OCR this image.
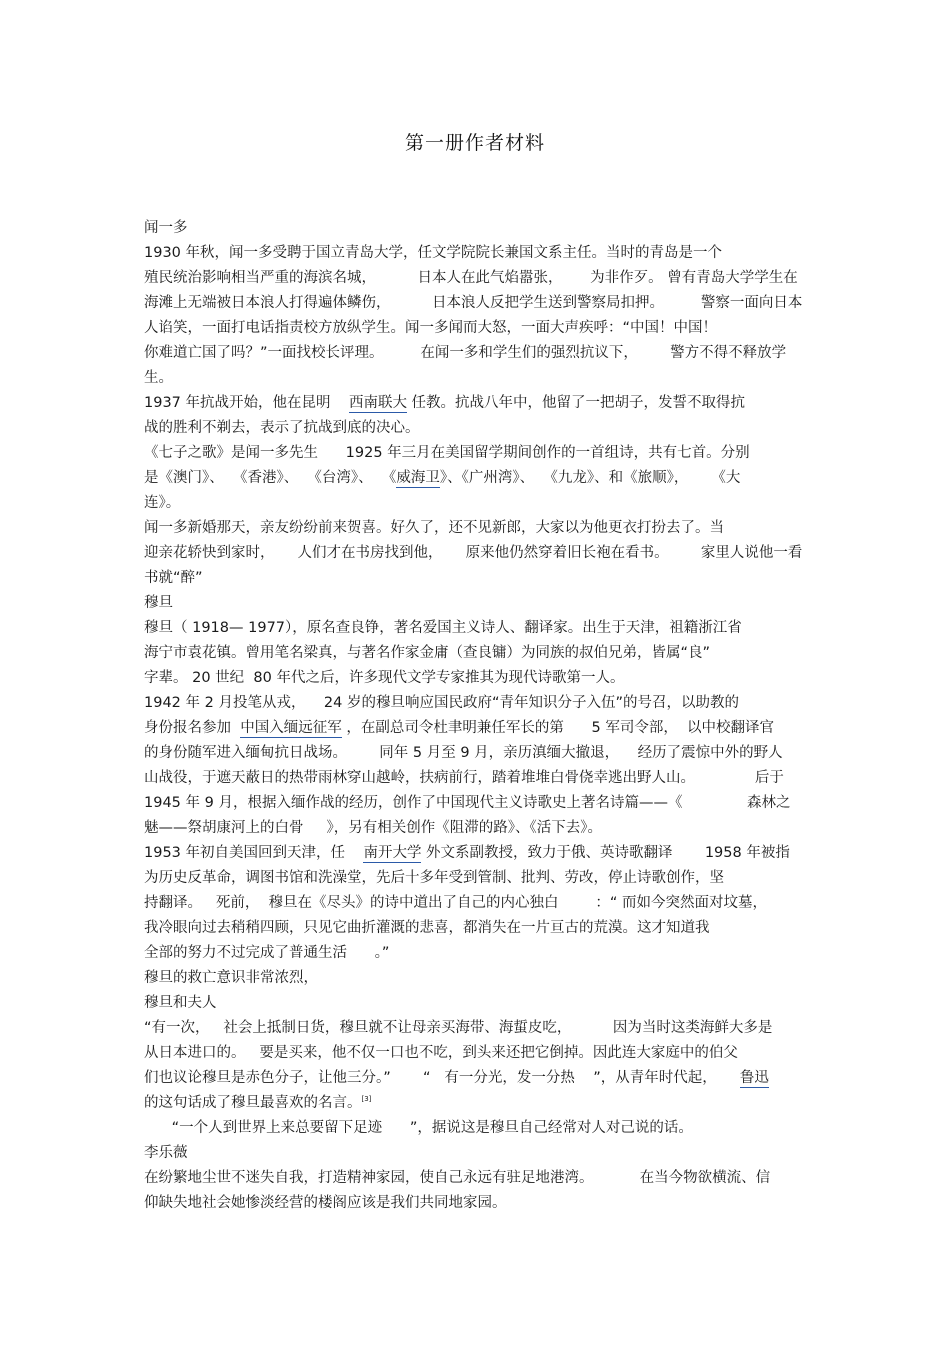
第一册作者材料
闻一多
1930 年秋，闻一多受聘于国立青岛大学，任文学院院长兼国文系主任。当时的青岛是一个
殖民统治影响相当严重的海滨名城，         日本人在此气焰嚣张，      为非作歹。 曾有青岛大学学生在
海滩上无端被日本浪人打得遍体鳞伤，         日本浪人反把学生送到警察局扣押。        警察一面向日本
人谄笑，一面打电话指责校方放纵学生。闻一多闻而大怒，一面大声疾呼：“中国！中国！
你难道亡国了吗？”一面找校长评理。        在闻一多和学生们的强烈抗议下，       警方不得不释放学
生。
1937 年抗战开始，他在昆明    西南联大 任教。抗战八年中，他留了一把胡子，发誓不取得抗
战的胜利不剃去，表示了抗战到底的决心。
《七子之歌》是闻一多先生      1925 年三月在美国留学期间创作的一首组诗，共有七首。分别
是《澳门》、  《香港》、  《台湾》、  《威海卫》、《广州湾》、  《九龙》、和《旅顺》，     《大
连》。
闻一多新婚那天，亲友纷纷前来贺喜。好久了，还不见新郎，大家以为他更衣打扮去了。当
迎亲花轿快到家时，     人们才在书房找到他，     原来他仍然穿着旧长袍在看书。       家里人说他一看
书就“醉”
穆旦
穆旦（ 1918— 1977），原名查良铮，著名爱国主义诗人、翻译家。出生于天津，祖籍浙江省
海宁市袁花镇。曾用笔名梁真，与著名作家金庸（查良镛）为同族的叔伯兄弟，皆属“良”
字辈。 20 世纪  80 年代之后，许多现代文学专家推其为现代诗歌第一人。
1942 年 2 月投笔从戎，    24 岁的穆旦响应国民政府“青年知识分子入伍”的号召，以助教的
身份报名参加  中国入缅远征军 ，在副总司令杜聿明兼任军长的第      5 军司令部，  以中校翻译官
的身份随军进入缅甸抗日战场。       同年 5 月至 9 月，亲历滇缅大撤退，    经历了震惊中外的野人
山战役，于遮天蔽日的热带雨林穿山越岭，扶病前行，踏着堆堆白骨侥幸逃出野人山。             后于
1945 年 9 月，根据入缅作战的经历，创作了中国现代主义诗歌史上著名诗篇——《              森林之
魅——祭胡康河上的白骨     》，另有相关创作《阻滞的路》、《活下去》。
1953 年初自美国回到天津，任    南开大学 外文系副教授，致力于俄、英诗歌翻译       1958 年被指
为历史反革命，调图书馆和洗澡堂，先后十多年受到管制、批判、劳改，停止诗歌创作，坚
持翻译。   死前，  穆旦在《尽头》的诗中道出了自己的内心独白        ：“ 而如今突然面对坟墓，
我冷眼向过去稍稍四顾，只见它曲折灌溉的悲喜，都消失在一片亘古的荒漠。这才知道我
全部的努力不过完成了普通生活      。”
穆旦的救亡意识非常浓烈，
穆旦和夫人
“有一次，   社会上抵制日货，穆旦就不让母亲买海带、海蜇皮吃，         因为当时这类海鲜大多是
从日本进口的。   要是买来，他不仅一口也不吃，到头来还把它倒掉。因此连大家庭中的伯父
们也议论穆旦是赤色分子，让他三分。”       “   有一分光，发一分热    ”，从青年时代起，     鲁迅
的这句话成了穆旦最喜欢的名言。[3]
“一个人到世界上来总要留下足迹      ”，据说这是穆旦自己经常对人对己说的话。
李乐薇
在纷繁地尘世不迷失自我，打造精神家园，使自己永远有驻足地港湾。          在当今物欲横流、信
仰缺失地社会她惨淡经营的楼阁应该是我们共同地家园。
